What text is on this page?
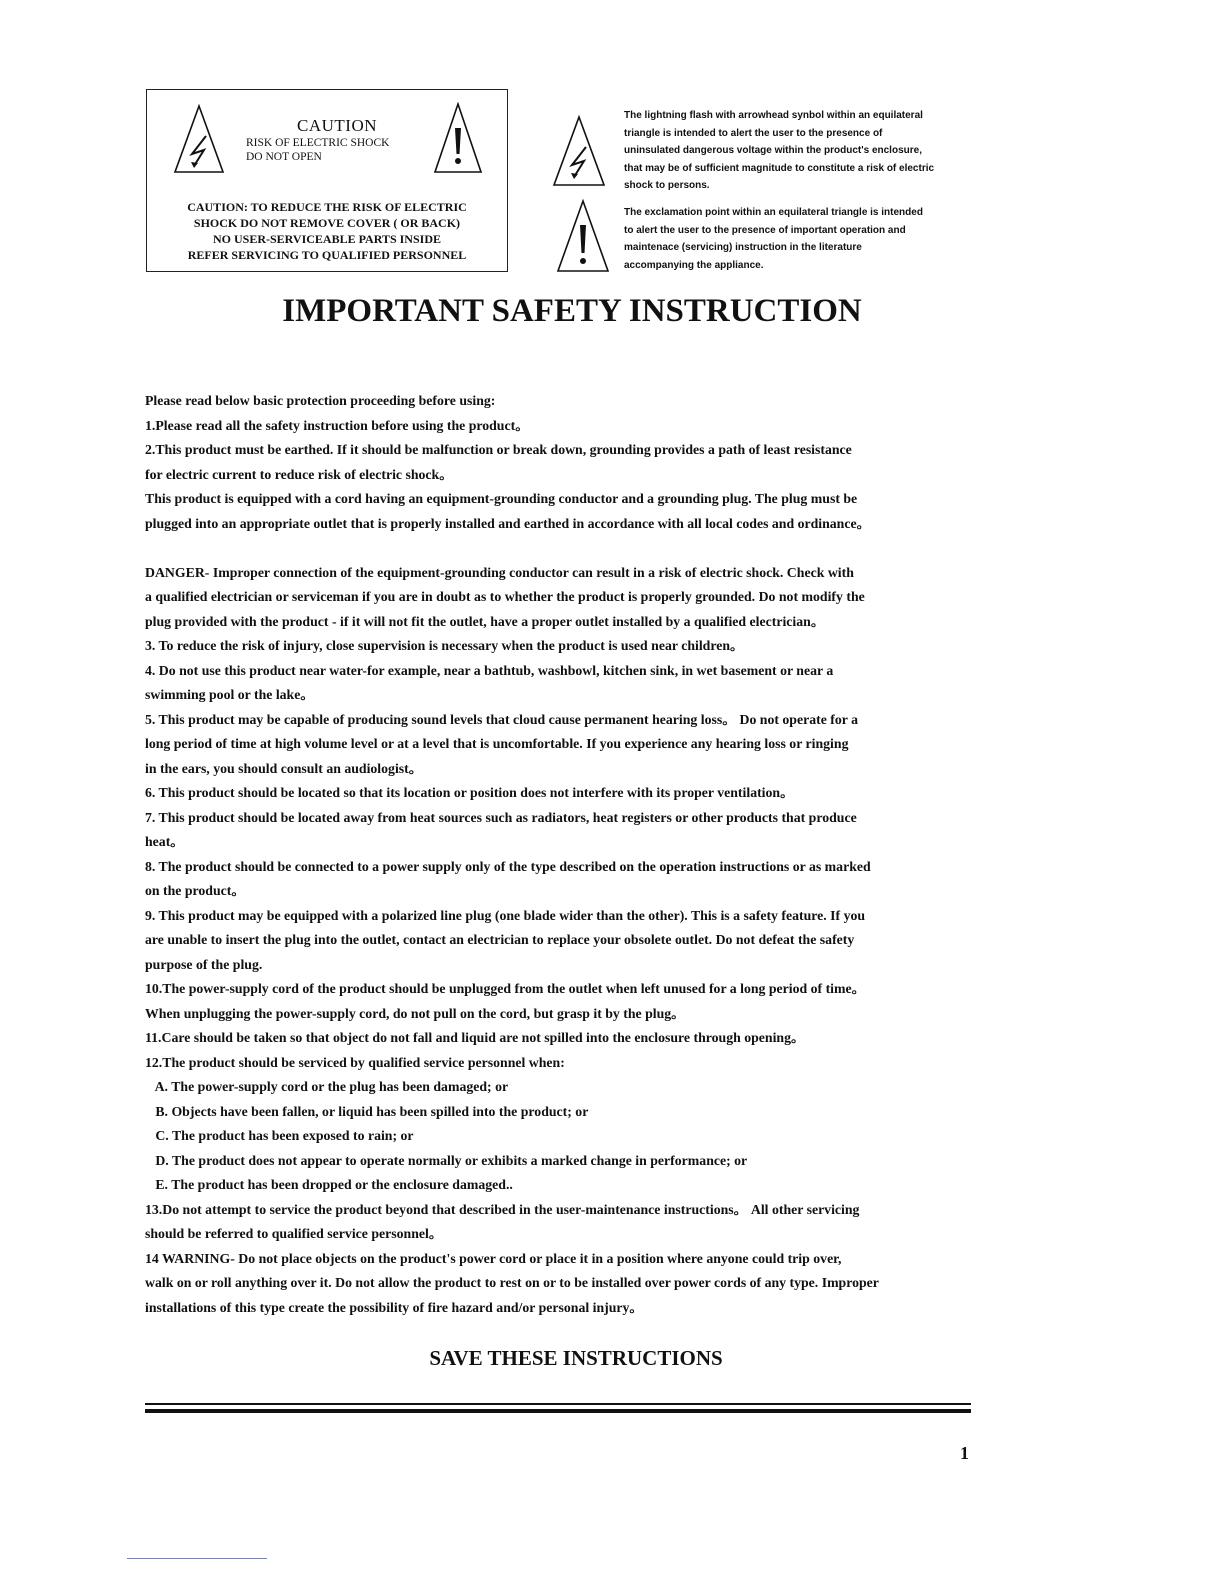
CAUTION
RISK OF ELECTRIC SHOCK
DO NOT OPEN
CAUTION: TO REDUCE THE RISK OF ELECTRIC
SHOCK DO NOT REMOVE COVER ( OR BACK)
NO USER-SERVICEABLE PARTS INSIDE
REFER SERVICING TO QUALIFIED PERSONNEL
The lightning flash with arrowhead synbol within an equilateral
triangle is intended to alert the user to the presence of
uninsulated dangerous voltage within the product's enclosure,
that may be of sufficient magnitude to constitute a risk of electric
shock to persons.
The exclamation point within an equilateral triangle is intended
to alert the user to the presence of important operation and
maintenace (servicing) instruction in the literature
accompanying the appliance.
IMPORTANT SAFETY INSTRUCTION

Please read below basic protection proceeding before using:

1.Please read all the safety instruction before using the product。

2.This product must be earthed. If it should be malfunction or break down, grounding provides a path of least resistance

for electric current to reduce risk of electric shock。

This product is equipped with a cord having an equipment-grounding conductor and a grounding plug. The plug must be

plugged into an appropriate outlet that is properly installed and earthed in accordance with all local codes and ordinance。

DANGER- Improper connection of the equipment-grounding conductor can result in a risk of electric shock. Check with

a qualified electrician or serviceman if you are in doubt as to whether the product is properly grounded. Do not modify the

plug provided with the product - if it will not fit the outlet, have a proper outlet installed by a qualified electrician。

3. To reduce the risk of injury, close supervision is necessary when the product is used near children。

4. Do not use this product near water-for example, near a bathtub, washbowl, kitchen sink, in wet basement or near a

swimming pool or the lake。

5. This product may be capable of producing sound levels that cloud cause permanent hearing loss。 Do not operate for a

long period of time at high volume level or at a level that is uncomfortable. If you experience any hearing loss or ringing

in the ears, you should consult an audiologist。

6. This product should be located so that its location or position does not interfere with its proper ventilation。

7. This product should be located away from heat sources such as radiators, heat registers or other products that produce

heat。

8. The product should be connected to a power supply only of the type described on the operation instructions or as marked

on the product。

9. This product may be equipped with a polarized line plug (one blade wider than the other). This is a safety feature. If you

are unable to insert the plug into the outlet, contact an electrician to replace your obsolete outlet. Do not defeat the safety

purpose of the plug.

10.The power-supply cord of the product should be unplugged from the outlet when left unused for a long period of time。

When unplugging the power-supply cord, do not pull on the cord, but grasp it by the plug。

11.Care should be taken so that object do not fall and liquid are not spilled into the enclosure through opening。

12.The product should be serviced by qualified service personnel when:

A. The power-supply cord or the plug has been damaged; or

B. Objects have been fallen, or liquid has been spilled into the product; or

C. The product has been exposed to rain; or

D. The product does not appear to operate normally or exhibits a marked change in performance; or

E. The product has been dropped or the enclosure damaged..

13.Do not attempt to service the product beyond that described in the user-maintenance instructions。 All other servicing

should be referred to qualified service personnel。

14 WARNING- Do not place objects on the product's power cord or place it in a position where anyone could trip over,

walk on or roll anything over it. Do not allow the product to rest on or to be installed over power cords of any type. Improper

installations of this type create the possibility of fire hazard and/or personal injury。

SAVE THESE INSTRUCTIONS
1
